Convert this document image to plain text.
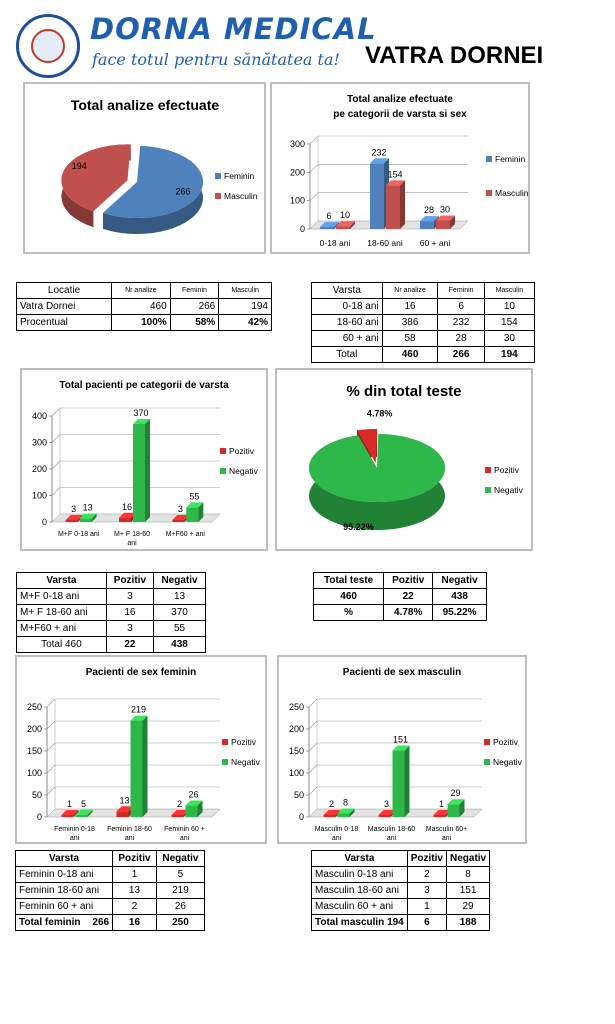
DORNA MEDICAL
face totul pentru sănătatea ta! VATRA DORNEI
Total analize efectuate
266
194
Feminin
Masculin
Total analize efectuate
pe categorii de varsta si sex
0
100
200
300
6 10
0-18 ani
232
154
18-60 ani
28 30
60 + ani
Feminin
Masculin
Total pacienti pe categorii de varsta
0
100
200
300
400
3 13
M+F 0-18 ani
16
370
M+ F 18-60
ani
3
55
M+F60 + ani
Pozitiv
Negativ
% din total teste
4.78%
95.22%
Pozitiv
Negativ
Pacienti de sex feminin
0
50
100
150
200
250
1 5
Feminin 0-18
ani
13
219
Feminin 18-60
ani
2
26
Feminin 60 +
ani
Pozitiv
Negativ
Pacienti de sex masculin
0
50
100
150
200
250
2 8
Masculin 0-18
ani
3
151
Masculin 18-60
ani
1
29
Masculin 60+
ani
Pozitiv
Negativ
Locatie	Nr analize	Feminin	Masculin
Vatra Dornei	460	266	194
Procentual	100%	58%	42%
Varsta	Nr analize	Feminin	Masculin
0-18 ani	16	6	10
18-60 ani	386	232	154
60 + ani	58	28	30
Total	460	266	194
Varsta	Pozitiv	Negativ
M+F 0-18 ani	3	13
M+ F 18-60 ani	16	370
M+F60 + ani	3	55
Total 460	22	438
Total teste	Pozitiv	Negativ
460	22	438
%	4.78%	95.22%
Varsta	Pozitiv	Negativ
Feminin 0-18 ani	1	5
Feminin 18-60 ani	13	219
Feminin 60 + ani	2	26
Total feminin 266	16	250
Varsta	Pozitiv	Negativ
Masculin 0-18 ani	2	8
Masculin 18-60 ani	3	151
Masculin 60 + ani	1	29
Total masculin 194	6	188
